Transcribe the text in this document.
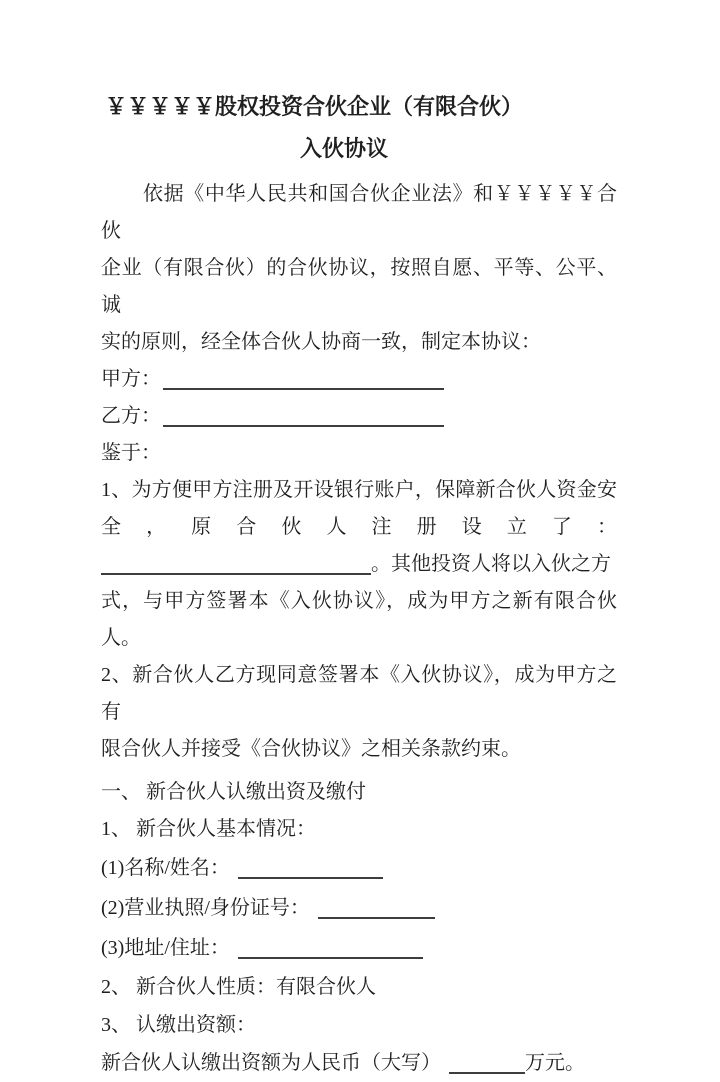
￥￥￥￥￥股权投资合伙企业（有限合伙）
入伙协议
依据《中华人民共和国合伙企业法》和￥￥￥￥￥合伙
企业（有限合伙）的合伙协议，按照自愿、平等、公平、诚
实的原则，经全体合伙人协商一致，制定本协议：
甲方：
乙方：
鉴于：
1、为方便甲方注册及开设银行账户，保障新合伙人资金安
全，原合伙人注册设立了：
。其他投资人将以入伙之方
式，与甲方签署本《入伙协议》，成为甲方之新有限合伙人。
2、新合伙人乙方现同意签署本《入伙协议》，成为甲方之有
限合伙人并接受《合伙协议》之相关条款约束。
一、 新合伙人认缴出资及缴付
1、 新合伙人基本情况：
(1)名称/姓名：
(2)营业执照/身份证号：
(3)地址/住址：
2、 新合伙人性质：有限合伙人
3、 认缴出资额：
新合伙人认缴出资额为人民币（大写）	万元。
